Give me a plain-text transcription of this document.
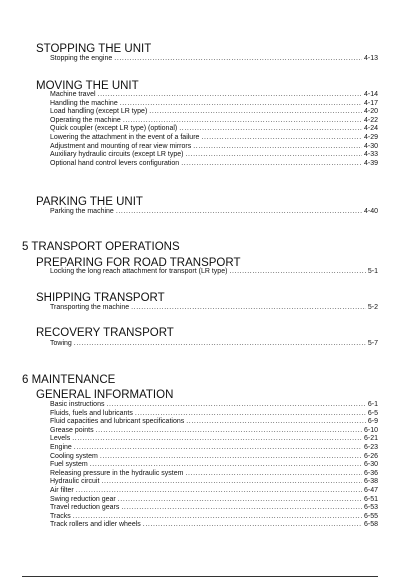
STOPPING THE UNIT
Stopping the engine .....	4-13
MOVING THE UNIT
Machine travel .....	4-14
Handling the machine .....	4-17
Load handling (except LR type) .....	4-20
Operating the machine .....	4-22
Quick coupler (except LR type) (optional) .....	4-24
Lowering the attachment in the event of a failure .....	4-29
Adjustment and mounting of rear view mirrors .....	4-30
Auxiliary hydraulic circuits (except LR type) .....	4-33
Optional hand control levers configuration .....	4-39
PARKING THE UNIT
Parking the machine .....	4-40
5 TRANSPORT OPERATIONS
PREPARING FOR ROAD TRANSPORT
Locking the long reach attachment for transport (LR type) .....	5-1
SHIPPING TRANSPORT
Transporting the machine .....	5-2
RECOVERY TRANSPORT
Towing .....	5-7
6 MAINTENANCE
GENERAL INFORMATION
Basic instructions .....	6-1
Fluids, fuels and lubricants .....	6-5
Fluid capacities and lubricant specifications .....	6-9
Grease points .....	6-10
Levels .....	6-21
Engine .....	6-23
Cooling system .....	6-26
Fuel system .....	6-30
Releasing pressure in the hydraulic system .....	6-36
Hydraulic circuit .....	6-38
Air filter .....	6-47
Swing reduction gear .....	6-51
Travel reduction gears .....	6-53
Tracks .....	6-55
Track rollers and idler wheels .....	6-58
